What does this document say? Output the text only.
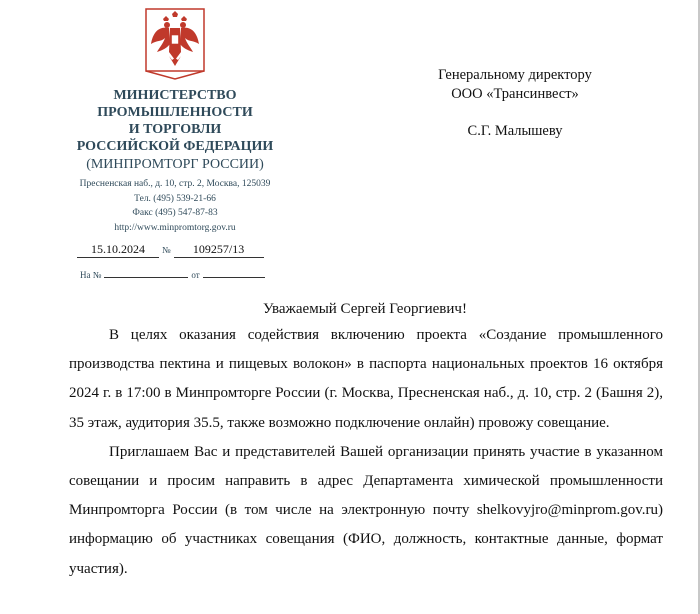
МИНИСТЕРСТВО
ПРОМЫШЛЕННОСТИ
И ТОРГОВЛИ
РОССИЙСКОЙ ФЕДЕРАЦИИ
(МИНПРОМТОРГ РОССИИ)
Пресненская наб., д. 10, стр. 2, Москва, 125039
Тел. (495) 539-21-66
Факс (495) 547-87-83
http://www.minpromtorg.gov.ru
15.10.2024 № 109257/13
На №	от
Генеральному директору
ООО «Трансинвест»
С.Г. Малышеву
Уважаемый Сергей Георгиевич!

В целях оказания содействия включению проекта «Создание промышленного производства пектина и пищевых волокон» в паспорта национальных проектов 16 октября 2024 г. в 17:00 в Минпромторге России (г. Москва, Пресненская наб., д. 10, стр. 2 (Башня 2), 35 этаж, аудитория 35.5, также возможно подключение онлайн) провожу совещание.

Приглашаем Вас и представителей Вашей организации принять участие в указанном совещании и просим направить в адрес Департамента химической промышленности Минпромторга России (в том числе на электронную почту shelkovyjro@minprom.gov.ru) информацию об участниках совещания (ФИО, должность, контактные данные, формат участия).
